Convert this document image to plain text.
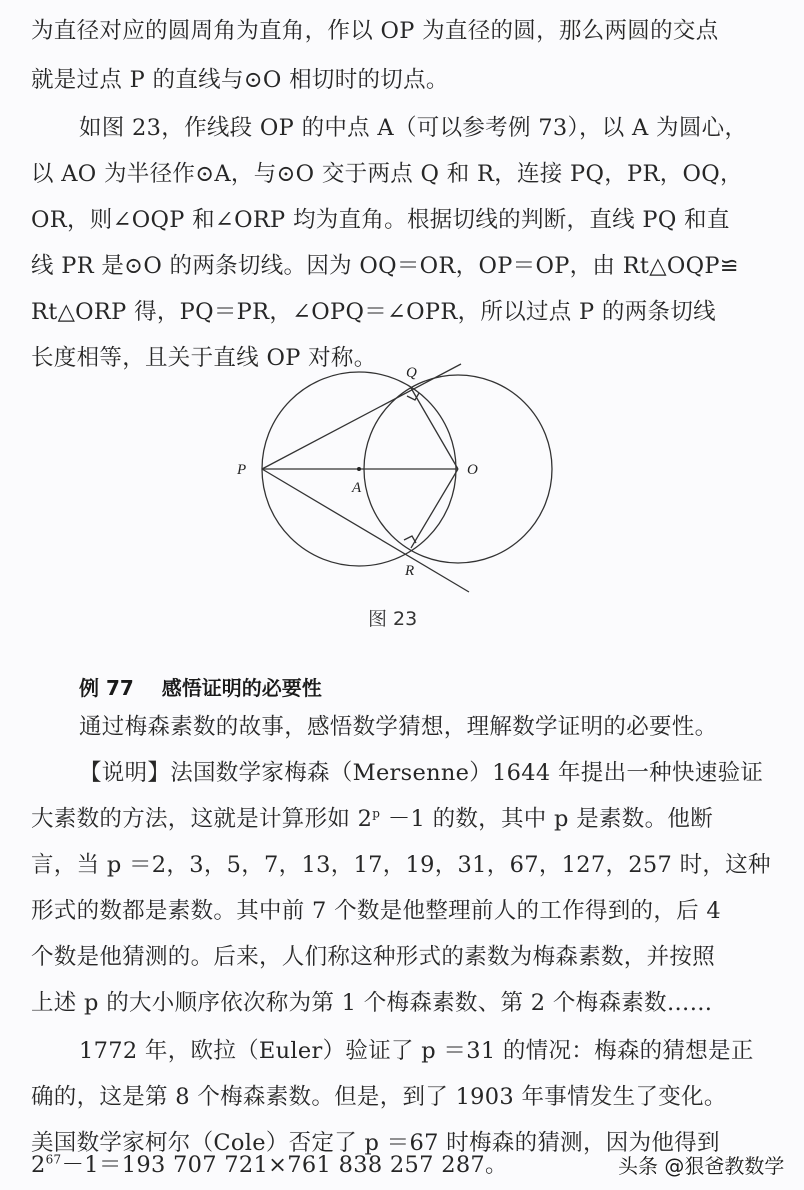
为直径对应的圆周角为直角，作以 OP 为直径的圆，那么两圆的交点
就是过点 P 的直线与⊙O 相切时的切点。
如图 23，作线段 OP 的中点 A（可以参考例 73），以 A 为圆心，
以 AO 为半径作⊙A，与⊙O 交于两点 Q 和 R，连接 PQ，PR，OQ，
OR，则∠OQP 和∠ORP 均为直角。根据切线的判断，直线 PQ 和直
线 PR 是⊙O 的两条切线。因为 OQ＝OR，OP＝OP，由 Rt△OQP≌
Rt△ORP 得，PQ＝PR，∠OPQ＝∠OPR，所以过点 P 的两条切线
长度相等，且关于直线 OP 对称。
P
A
O
Q
R
图 23
例 77 感悟证明的必要性
通过梅森素数的故事，感悟数学猜想，理解数学证明的必要性。
【说明】法国数学家梅森（Mersenne）1644 年提出一种快速验证
大素数的方法，这就是计算形如 $2^p -1$ 的数，其中 p 是素数。他断
言，当 p ＝2，3，5，7，13，17，19，31，67，127，257 时，这种
形式的数都是素数。其中前 7 个数是他整理前人的工作得到的，后 4
个数是他猜测的。后来，人们称这种形式的素数为梅森素数，并按照
上述 p 的大小顺序依次称为第 1 个梅森素数、第 2 个梅森素数……
1772 年，欧拉（Euler）验证了 p ＝31 的情况：梅森的猜想是正
确的，这是第 8 个梅森素数。但是，到了 1903 年事情发生了变化。
美国数学家柯尔（Cole）否定了 p ＝67 时梅森的猜测，因为他得到
$2^{67}-1=193$ 707 721×761 838 257 287。	头条 @狠爸教数学
